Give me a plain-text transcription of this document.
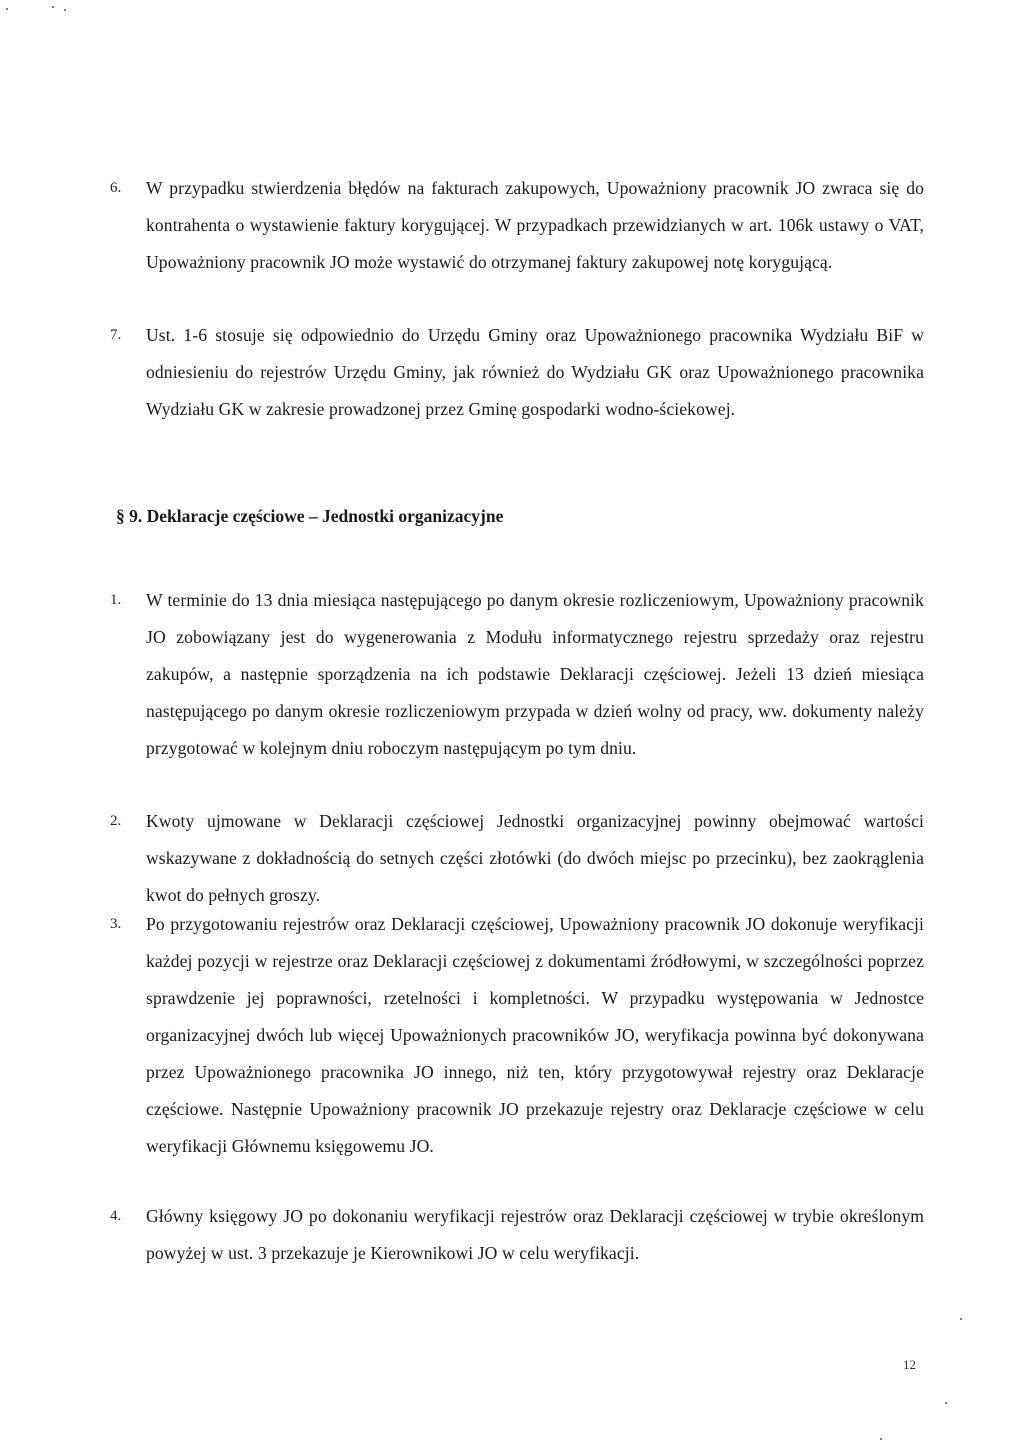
6.	W przypadku stwierdzenia błędów na fakturach zakupowych, Upoważniony pracownik JO zwraca się do kontrahenta o wystawienie faktury korygującej. W przypadkach przewidzianych w art. 106k ustawy o VAT, Upoważniony pracownik JO może wystawić do otrzymanej faktury zakupowej notę korygującą.

7.	Ust. 1-6 stosuje się odpowiednio do Urzędu Gminy oraz Upoważnionego pracownika Wydziału BiF w odniesieniu do rejestrów Urzędu Gminy, jak również do Wydziału GK oraz Upoważnionego pracownika Wydziału GK w zakresie prowadzonej przez Gminę gospodarki wodno-ściekowej.

§ 9. Deklaracje częściowe – Jednostki organizacyjne
1.	W terminie do 13 dnia miesiąca następującego po danym okresie rozliczeniowym, Upoważniony pracownik JO zobowiązany jest do wygenerowania z Modułu informatycznego rejestru sprzedaży oraz rejestru zakupów, a następnie sporządzenia na ich podstawie Deklaracji częściowej. Jeżeli 13 dzień miesiąca następującego po danym okresie rozliczeniowym przypada w dzień wolny od pracy, ww. dokumenty należy przygotować w kolejnym dniu roboczym następującym po tym dniu.

2.	Kwoty ujmowane w Deklaracji częściowej Jednostki organizacyjnej powinny obejmować wartości wskazywane z dokładnością do setnych części złotówki (do dwóch miejsc po przecinku), bez zaokrąglenia kwot do pełnych groszy.

3.	Po przygotowaniu rejestrów oraz Deklaracji częściowej, Upoważniony pracownik JO dokonuje weryfikacji każdej pozycji w rejestrze oraz Deklaracji częściowej z dokumentami źródłowymi, w szczególności poprzez sprawdzenie jej poprawności, rzetelności i kompletności. W przypadku występowania w Jednostce organizacyjnej dwóch lub więcej Upoważnionych pracowników JO, weryfikacja powinna być dokonywana przez Upoważnionego pracownika JO innego, niż ten, który przygotowywał rejestry oraz Deklaracje częściowe. Następnie Upoważniony pracownik JO przekazuje rejestry oraz Deklaracje częściowe w celu weryfikacji Głównemu księgowemu JO.

4.	Główny księgowy JO po dokonaniu weryfikacji rejestrów oraz Deklaracji częściowej w trybie określonym powyżej w ust. 3 przekazuje je Kierownikowi JO w celu weryfikacji.

12
